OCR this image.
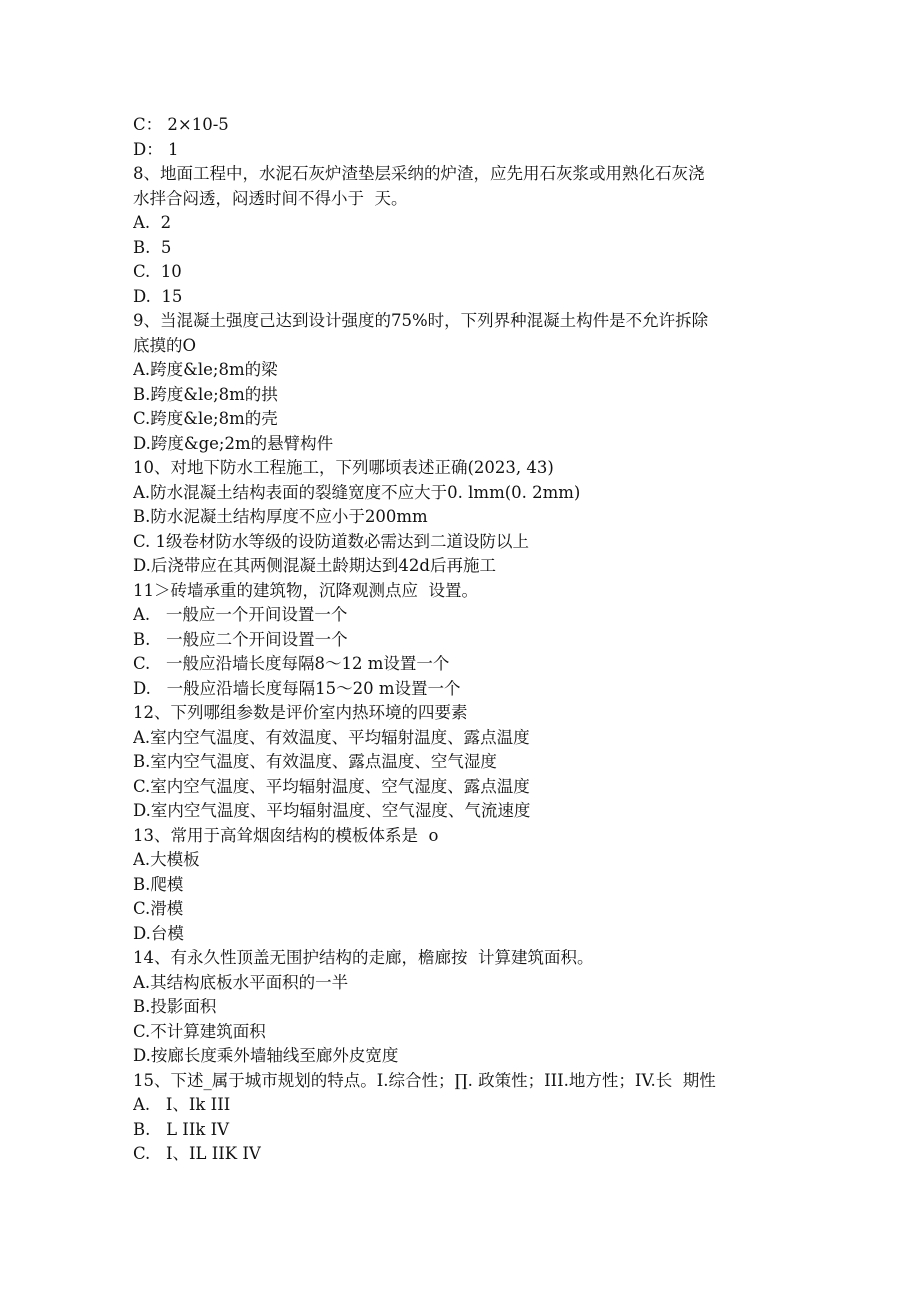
C： 2×10-5
D： 1
8、地面工程中，水泥石灰炉渣垫层采纳的炉渣，应先用石灰浆或用熟化石灰浇
水拌合闷透，闷透时间不得小于  天。
A.  2
B.  5
C.  10
D.  15
9、当混凝土强度己达到设计强度的75%时，下列界种混凝土构件是不允许拆除
底摸的O
A.跨度&le;8m的梁
B.跨度&le;8m的拱
C.跨度&le;8m的壳
D.跨度&ge;2m的悬臂构件
10、对地下防水工程施工，下列哪顷表述正确(2023, 43)
A.防水混凝土结构表面的裂缝宽度不应大于0. lmm(0. 2mm)
B.防水泥凝土结构厚度不应小于200mm
C. 1级卷材防水等级的设防道数必需达到二道设防以上
D.后浇带应在其两侧混凝土龄期达到42d后再施工
11＞砖墙承重的建筑物，沉降观测点应  设置。
A.   一般应一个开间设置一个
B.   一般应二个开间设置一个
C.   一般应沿墙长度每隔8～12 m设置一个
D.   一般应沿墙长度每隔15～20 m设置一个
12、下列哪组参数是评价室内热环境的四要素
A.室内空气温度、有效温度、平均辐射温度、露点温度
B.室内空气温度、有效温度、露点温度、空气湿度
C.室内空气温度、平均辐射温度、空气湿度、露点温度
D.室内空气温度、平均辐射温度、空气湿度、气流速度
13、常用于高耸烟囱结构的模板体系是  o
A.大模板
B.爬模
C.滑模
D.台模
14、有永久性顶盖无围护结构的走廊，檐廊按  计算建筑面积。
A.其结构底板水平面积的一半
B.投影面积
C.不计算建筑面积
D.按廊长度乘外墙轴线至廊外皮宽度
15、下述_属于城市规划的特点。I.综合性；∏. 政策性；III.地方性；IV.长  期性
A.   I、Ik III
B.   L IIk IV
C.   I、IL IIK IV
